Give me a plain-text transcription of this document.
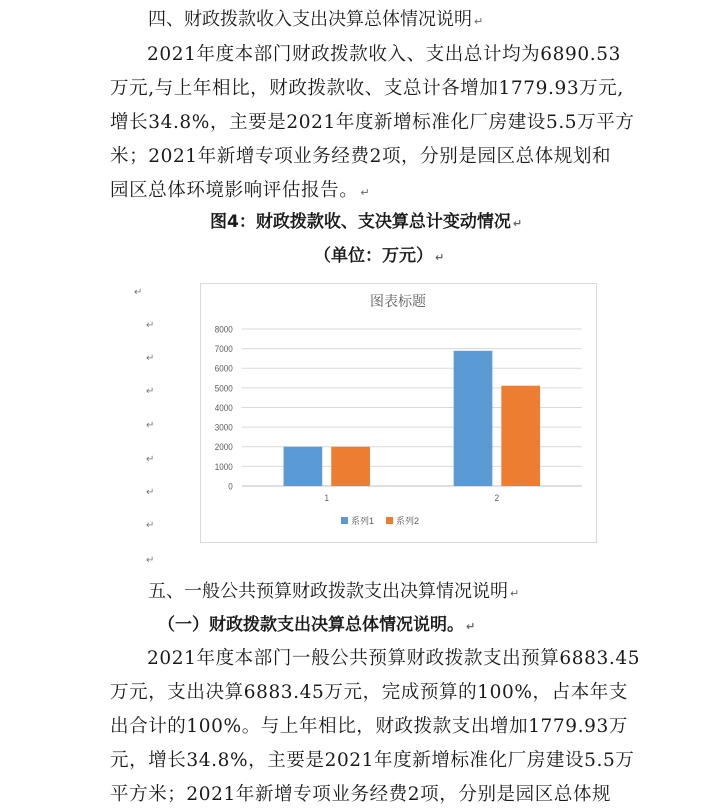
四、财政拨款收入支出决算总体情况说明 ↵
2021年度本部门财政拨款收入、支出总计均为6890.53
万元,与上年相比，财政拨款收、支总计各增加1779.93万元,
增长34.8%，主要是2021年度新增标准化厂房建设5.5万平方
米；2021年新增专项业务经费2项，分别是园区总体规划和
园区总体环境影响评估报告。 ↵
图4：财政拨款收、支决算总计变动情况 ↵
（单位：万元） ↵
↵
↵
↵
↵
↵
↵
↵
↵
↵
图表标题
系列1 系列2
0
1000
2000
3000
4000
5000
6000
7000
8000
1	2
五、一般公共预算财政拨款支出决算情况说明 ↵
（一）财政拨款支出决算总体情况说明。 ↵
2021年度本部门一般公共预算财政拨款支出预算6883.45
万元，支出决算6883.45万元，完成预算的100%，占本年支
出合计的100%。与上年相比，财政拨款支出增加1779.93万
元，增长34.8%，主要是2021年度新增标准化厂房建设5.5万
平方米；2021年新增专项业务经费2项，分别是园区总体规
